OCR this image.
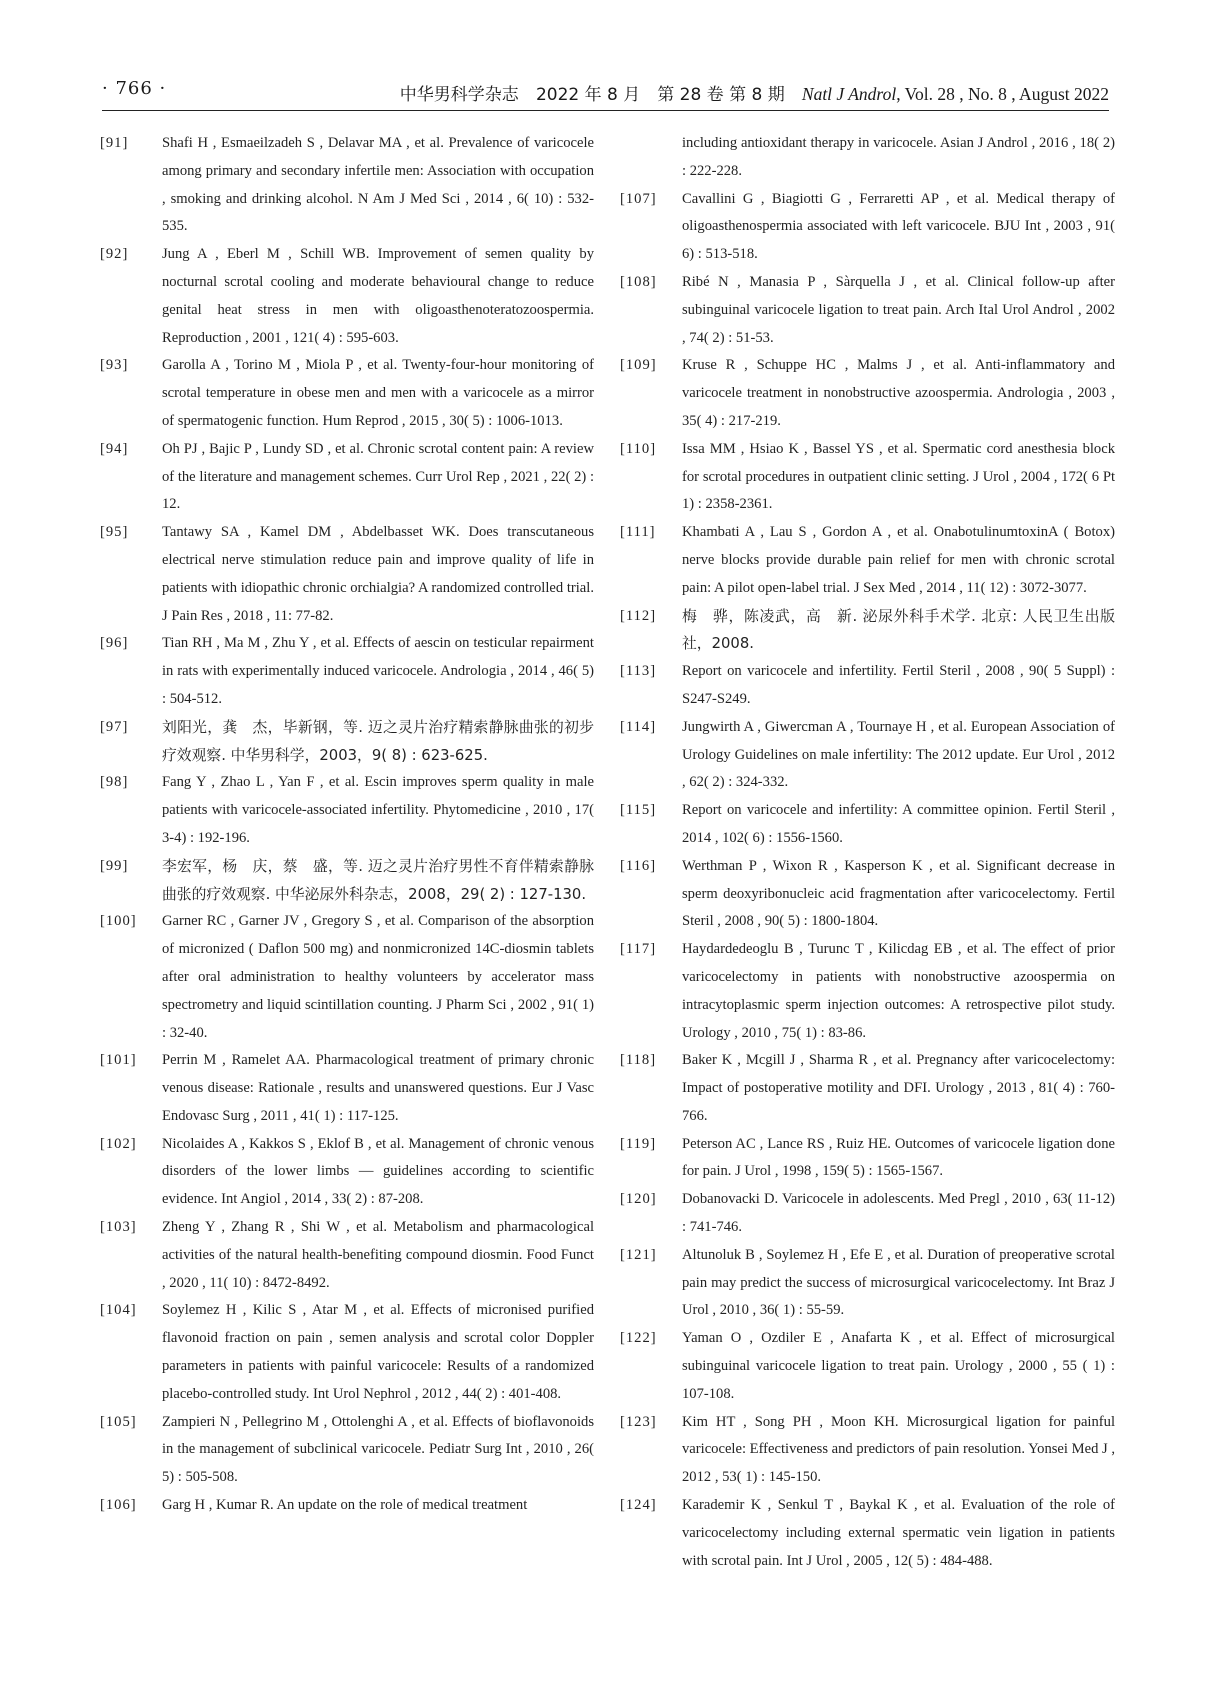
· 766 ·	中华男科学杂志 2022 年 8 月　第 28 卷 第 8 期 Natl J Androl, Vol. 28 , No. 8 , August 2022

[91] Shafi H , Esmaeilzadeh S , Delavar MA , et al. Prevalence of varicocele among primary and secondary infertile men: Association with occupation , smoking and drinking alcohol. N Am J Med Sci , 2014 , 6( 10) : 532-535.

[92] Jung A , Eberl M , Schill WB. Improvement of semen quality by nocturnal scrotal cooling and moderate behavioural change to reduce genital heat stress in men with oligoasthenoteratozoospermia. Reproduction , 2001 , 121( 4) : 595-603.

[93] Garolla A , Torino M , Miola P , et al. Twenty-four-hour monitoring of scrotal temperature in obese men and men with a varicocele as a mirror of spermatogenic function. Hum Reprod , 2015 , 30( 5) : 1006-1013.

[94] Oh PJ , Bajic P , Lundy SD , et al. Chronic scrotal content pain: A review of the literature and management schemes. Curr Urol Rep , 2021 , 22( 2) : 12.

[95] Tantawy SA , Kamel DM , Abdelbasset WK. Does transcutaneous electrical nerve stimulation reduce pain and improve quality of life in patients with idiopathic chronic orchialgia? A randomized controlled trial. J Pain Res , 2018 , 11: 77-82.

[96] Tian RH , Ma M , Zhu Y , et al. Effects of aescin on testicular repairment in rats with experimentally induced varicocele. Andrologia , 2014 , 46( 5) : 504-512.

[97] 刘阳光，龚　杰，毕新钢，等. 迈之灵片治疗精索静脉曲张的初步疗效观察. 中华男科学，2003，9( 8) : 623-625.

[98] Fang Y , Zhao L , Yan F , et al. Escin improves sperm quality in male patients with varicocele-associated infertility. Phytomedicine , 2010 , 17( 3-4) : 192-196.

[99] 李宏军，杨　庆，蔡　盛，等. 迈之灵片治疗男性不育伴精索静脉曲张的疗效观察. 中华泌尿外科杂志，2008，29( 2) : 127-130.

[100] Garner RC , Garner JV , Gregory S , et al. Comparison of the absorption of micronized ( Daflon 500 mg) and nonmicronized 14C-diosmin tablets after oral administration to healthy volunteers by accelerator mass spectrometry and liquid scintillation counting. J Pharm Sci , 2002 , 91( 1) : 32-40.

[101] Perrin M , Ramelet AA. Pharmacological treatment of primary chronic venous disease: Rationale , results and unanswered questions. Eur J Vasc Endovasc Surg , 2011 , 41( 1) : 117-125.

[102] Nicolaides A , Kakkos S , Eklof B , et al. Management of chronic venous disorders of the lower limbs — guidelines according to scientific evidence. Int Angiol , 2014 , 33( 2) : 87-208.

[103] Zheng Y , Zhang R , Shi W , et al. Metabolism and pharmacological activities of the natural health-benefiting compound diosmin. Food Funct , 2020 , 11( 10) : 8472-8492.

[104] Soylemez H , Kilic S , Atar M , et al. Effects of micronised purified flavonoid fraction on pain , semen analysis and scrotal color Doppler parameters in patients with painful varicocele: Results of a randomized placebo-controlled study. Int Urol Nephrol , 2012 , 44( 2) : 401-408.

[105] Zampieri N , Pellegrino M , Ottolenghi A , et al. Effects of bioflavonoids in the management of subclinical varicocele. Pediatr Surg Int , 2010 , 26( 5) : 505-508.

[106] Garg H , Kumar R. An update on the role of medical treatment

including antioxidant therapy in varicocele. Asian J Androl , 2016 , 18( 2) : 222-228.

[107] Cavallini G , Biagiotti G , Ferraretti AP , et al. Medical therapy of oligoasthenospermia associated with left varicocele. BJU Int , 2003 , 91( 6) : 513-518.

[108] Ribé N , Manasia P , Sàrquella J , et al. Clinical follow-up after subinguinal varicocele ligation to treat pain. Arch Ital Urol Androl , 2002 , 74( 2) : 51-53.

[109] Kruse R , Schuppe HC , Malms J , et al. Anti-inflammatory and varicocele treatment in nonobstructive azoospermia. Andrologia , 2003 , 35( 4) : 217-219.

[110] Issa MM , Hsiao K , Bassel YS , et al. Spermatic cord anesthesia block for scrotal procedures in outpatient clinic setting. J Urol , 2004 , 172( 6 Pt 1) : 2358-2361.

[111] Khambati A , Lau S , Gordon A , et al. OnabotulinumtoxinA ( Botox) nerve blocks provide durable pain relief for men with chronic scrotal pain: A pilot open-label trial. J Sex Med , 2014 , 11( 12) : 3072-3077.

[112] 梅　骅，陈凌武，高　新. 泌尿外科手术学. 北京: 人民卫生出版社，2008.

[113] Report on varicocele and infertility. Fertil Steril , 2008 , 90( 5 Suppl) : S247-S249.

[114] Jungwirth A , Giwercman A , Tournaye H , et al. European Association of Urology Guidelines on male infertility: The 2012 update. Eur Urol , 2012 , 62( 2) : 324-332.

[115] Report on varicocele and infertility: A committee opinion. Fertil Steril , 2014 , 102( 6) : 1556-1560.

[116] Werthman P , Wixon R , Kasperson K , et al. Significant decrease in sperm deoxyribonucleic acid fragmentation after varicocelectomy. Fertil Steril , 2008 , 90( 5) : 1800-1804.

[117] Haydardedeoglu B , Turunc T , Kilicdag EB , et al. The effect of prior varicocelectomy in patients with nonobstructive azoospermia on intracytoplasmic sperm injection outcomes: A retrospective pilot study. Urology , 2010 , 75( 1) : 83-86.

[118] Baker K , Mcgill J , Sharma R , et al. Pregnancy after varicocelectomy: Impact of postoperative motility and DFI. Urology , 2013 , 81( 4) : 760-766.

[119] Peterson AC , Lance RS , Ruiz HE. Outcomes of varicocele ligation done for pain. J Urol , 1998 , 159( 5) : 1565-1567.

[120] Dobanovacki D. Varicocele in adolescents. Med Pregl , 2010 , 63( 11-12) : 741-746.

[121] Altunoluk B , Soylemez H , Efe E , et al. Duration of preoperative scrotal pain may predict the success of microsurgical varicocelectomy. Int Braz J Urol , 2010 , 36( 1) : 55-59.

[122] Yaman O , Ozdiler E , Anafarta K , et al. Effect of microsurgical subinguinal varicocele ligation to treat pain. Urology , 2000 , 55 ( 1) : 107-108.

[123] Kim HT , Song PH , Moon KH. Microsurgical ligation for painful varicocele: Effectiveness and predictors of pain resolution. Yonsei Med J , 2012 , 53( 1) : 145-150.

[124] Karademir K , Senkul T , Baykal K , et al. Evaluation of the role of varicocelectomy including external spermatic vein ligation in patients with scrotal pain. Int J Urol , 2005 , 12( 5) : 484-488.
